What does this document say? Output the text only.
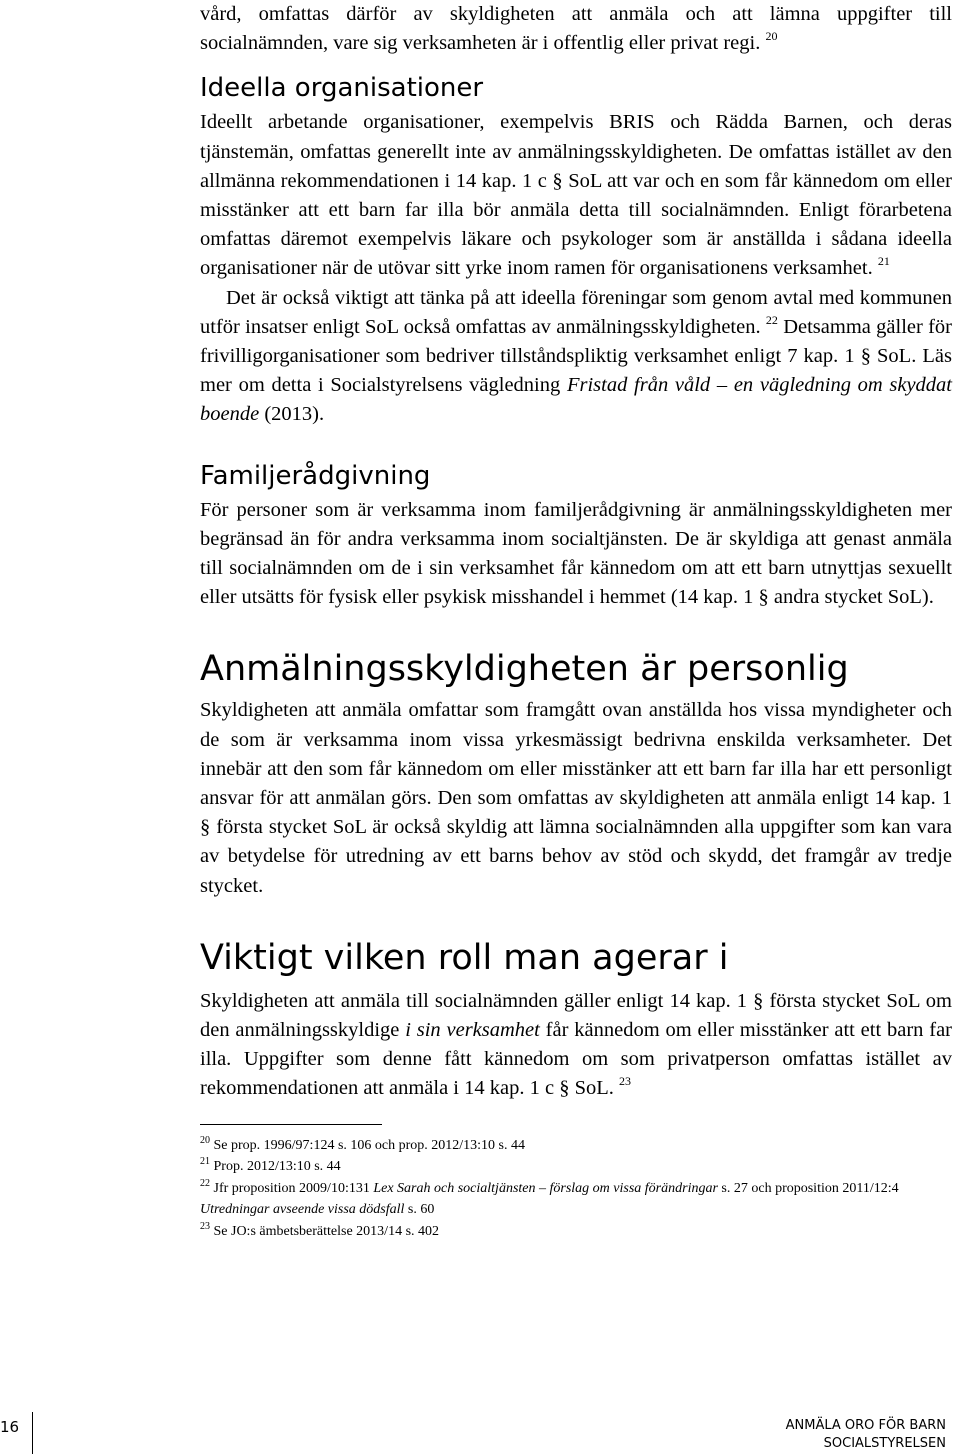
vård, omfattas därför av skyldigheten att anmäla och att lämna uppgifter till socialnämnden, vare sig verksamheten är i offentlig eller privat regi. $^{20}$

Ideella organisationer

Ideellt arbetande organisationer, exempelvis BRIS och Rädda Barnen, och deras tjänstemän, omfattas generellt inte av anmälningsskyldigheten. De omfattas istället av den allmänna rekommendationen i 14 kap. 1 c § SoL att var och en som får kännedom om eller misstänker att ett barn far illa bör anmäla detta till socialnämnden. Enligt förarbetena omfattas däremot exempelvis läkare och psykologer som är anställda i sådana ideella organisationer när de utövar sitt yrke inom ramen för organisationens verksamhet. $^{21}$

Det är också viktigt att tänka på att ideella föreningar som genom avtal med kommunen utför insatser enligt SoL också omfattas av anmälningsskyldigheten. $^{22}$ Detsamma gäller för frivilligorganisationer som bedriver tillståndspliktig verksamhet enligt 7 kap. 1 § SoL. Läs mer om detta i Socialstyrelsens vägledning Fristad från våld – en vägledning om skyddat boende (2013).

Familjerådgivning

För personer som är verksamma inom familjerådgivning är anmälningsskyldigheten mer begränsad än för andra verksamma inom socialtjänsten. De är skyldiga att genast anmäla till socialnämnden om de i sin verksamhet får kännedom om att ett barn utnyttjas sexuellt eller utsätts för fysisk eller psykisk misshandel i hemmet (14 kap. 1 § andra stycket SoL).

Anmälningsskyldigheten är personlig

Skyldigheten att anmäla omfattar som framgått ovan anställda hos vissa myndigheter och de som är verksamma inom vissa yrkesmässigt bedrivna enskilda verksamheter. Det innebär att den som får kännedom om eller misstänker att ett barn far illa har ett personligt ansvar för att anmälan görs. Den som omfattas av skyldigheten att anmäla enligt 14 kap. 1 § första stycket SoL är också skyldig att lämna socialnämnden alla uppgifter som kan vara av betydelse för utredning av ett barns behov av stöd och skydd, det framgår av tredje stycket.

Viktigt vilken roll man agerar i

Skyldigheten att anmäla till socialnämnden gäller enligt 14 kap. 1 § första stycket SoL om den anmälningsskyldige i sin verksamhet får kännedom om eller misstänker att ett barn far illa. Uppgifter som denne fått kännedom om som privatperson omfattas istället av rekommendationen att anmäla i 14 kap. 1 c § SoL. $^{23}$

$^{20}$ Se prop. 1996/97:124 s. 106 och prop. 2012/13:10 s. 44
$^{21}$ Prop. 2012/13:10 s. 44
$^{22}$ Jfr proposition 2009/10:131 Lex Sarah och socialtjänsten – förslag om vissa förändringar s. 27 och proposition 2011/12:4 Utredningar avseende vissa dödsfall s. 60
$^{23}$ Se JO:s ämbetsberättelse 2013/14 s. 402
16	ANMÄLA ORO FÖR BARN
SOCIALSTYRELSEN
